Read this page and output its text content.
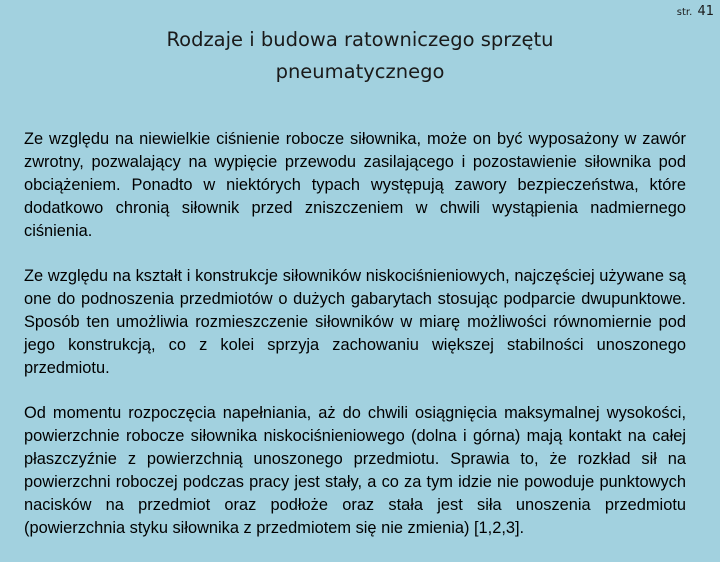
str. 41
Rodzaje i budowa ratowniczego sprzętu pneumatycznego

Ze względu na niewielkie ciśnienie robocze siłownika, może on być wyposażony w zawór zwrotny, pozwalający na wypięcie przewodu zasilającego i pozostawienie siłownika pod obciążeniem. Ponadto w niektórych typach występują zawory bezpieczeństwa, które dodatkowo chronią siłownik przed zniszczeniem w chwili wystąpienia nadmiernego ciśnienia.

Ze względu na kształt i konstrukcje siłowników niskociśnieniowych, najczęściej używane są one do podnoszenia przedmiotów o dużych gabarytach stosując podparcie dwupunktowe. Sposób ten umożliwia rozmieszczenie siłowników w miarę możliwości równomiernie pod jego konstrukcją, co z kolei sprzyja zachowaniu większej stabilności unoszonego przedmiotu.

Od momentu rozpoczęcia napełniania, aż do chwili osiągnięcia maksymalnej wysokości, powierzchnie robocze siłownika niskociśnieniowego (dolna i górna) mają kontakt na całej płaszczyźnie z powierzchnią unoszonego przedmiotu. Sprawia to, że rozkład sił na powierzchni roboczej podczas pracy jest stały, a co za tym idzie nie powoduje punktowych nacisków na przedmiot oraz podłoże oraz stała jest siła unoszenia przedmiotu (powierzchnia styku siłownika z przedmiotem się nie zmienia) [1,2,3].
